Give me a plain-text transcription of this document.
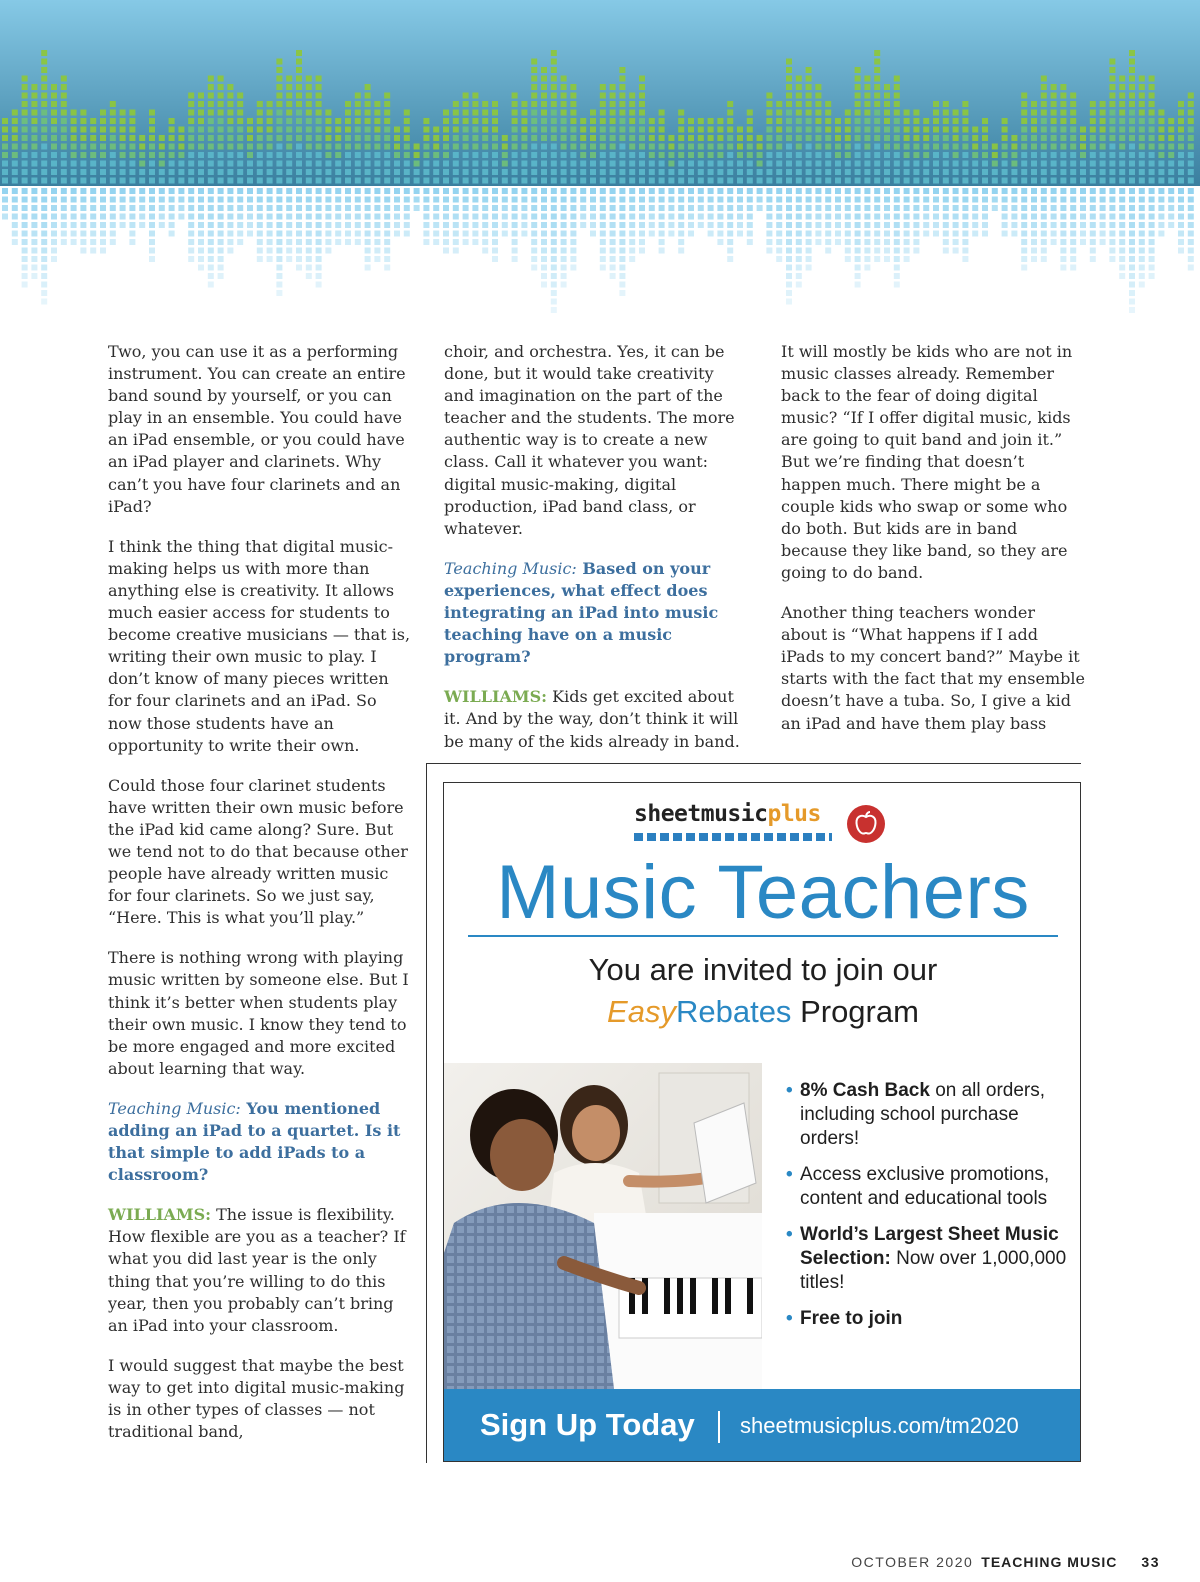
Two, you can use it as a performing instrument. You can create an entire band sound by yourself, or you can play in an ensemble. You could have an iPad ensemble, or you could have an iPad player and clarinets. Why can’t you have four clarinets and an iPad?

I think the thing that digital music-making helps us with more than anything else is creativity. It allows much easier access for students to become creative musicians — that is, writing their own music to play. I don’t know of many pieces written for four clarinets and an iPad. So now those students have an opportunity to write their own.

Could those four clarinet students have written their own music before the iPad kid came along? Sure. But we tend not to do that because other people have already written music for four clarinets. So we just say, “Here. This is what you’ll play.”

There is nothing wrong with playing music written by someone else. But I think it’s better when students play their own music. I know they tend to be more engaged and more excited about learning that way.

Teaching Music: You mentioned adding an iPad to a quartet. Is it that simple to add iPads to a classroom?

WILLIAMS: The issue is flexibility. How flexible are you as a teacher? If what you did last year is the only thing that you’re willing to do this year, then you probably can’t bring an iPad into your classroom.

I would suggest that maybe the best way to get into digital music-making is in other types of classes — not traditional band,

choir, and orchestra. Yes, it can be done, but it would take creativity and imagination on the part of the teacher and the students. The more authentic way is to create a new class. Call it whatever you want: digital music-making, digital production, iPad band class, or whatever.

Teaching Music: Based on your experiences, what effect does integrating an iPad into music teaching have on a music program?

WILLIAMS: Kids get excited about it. And by the way, don’t think it will be many of the kids already in band.

It will mostly be kids who are not in music classes already. Remember back to the fear of doing digital music? “If I offer digital music, kids are going to quit band and join it.” But we’re finding that doesn’t happen much. There might be a couple kids who swap or some who do both. But kids are in band because they like band, so they are going to do band.

Another thing teachers wonder about is “What happens if I add iPads to my concert band?” Maybe it starts with the fact that my ensemble doesn’t have a tuba. So, I give a kid an iPad and have them play bass

sheetmusicplus
Music Teachers
You are invited to join our
EasyRebates Program
• 8% Cash Back on all orders, including school purchase orders!
• Access exclusive promotions, content and educational tools
• World’s Largest Sheet Music Selection: Now over 1,000,000 titles!
• Free to join
Sign Up Today sheetmusicplus.com/tm2020
OCTOBER 2020 TEACHING MUSIC 33
